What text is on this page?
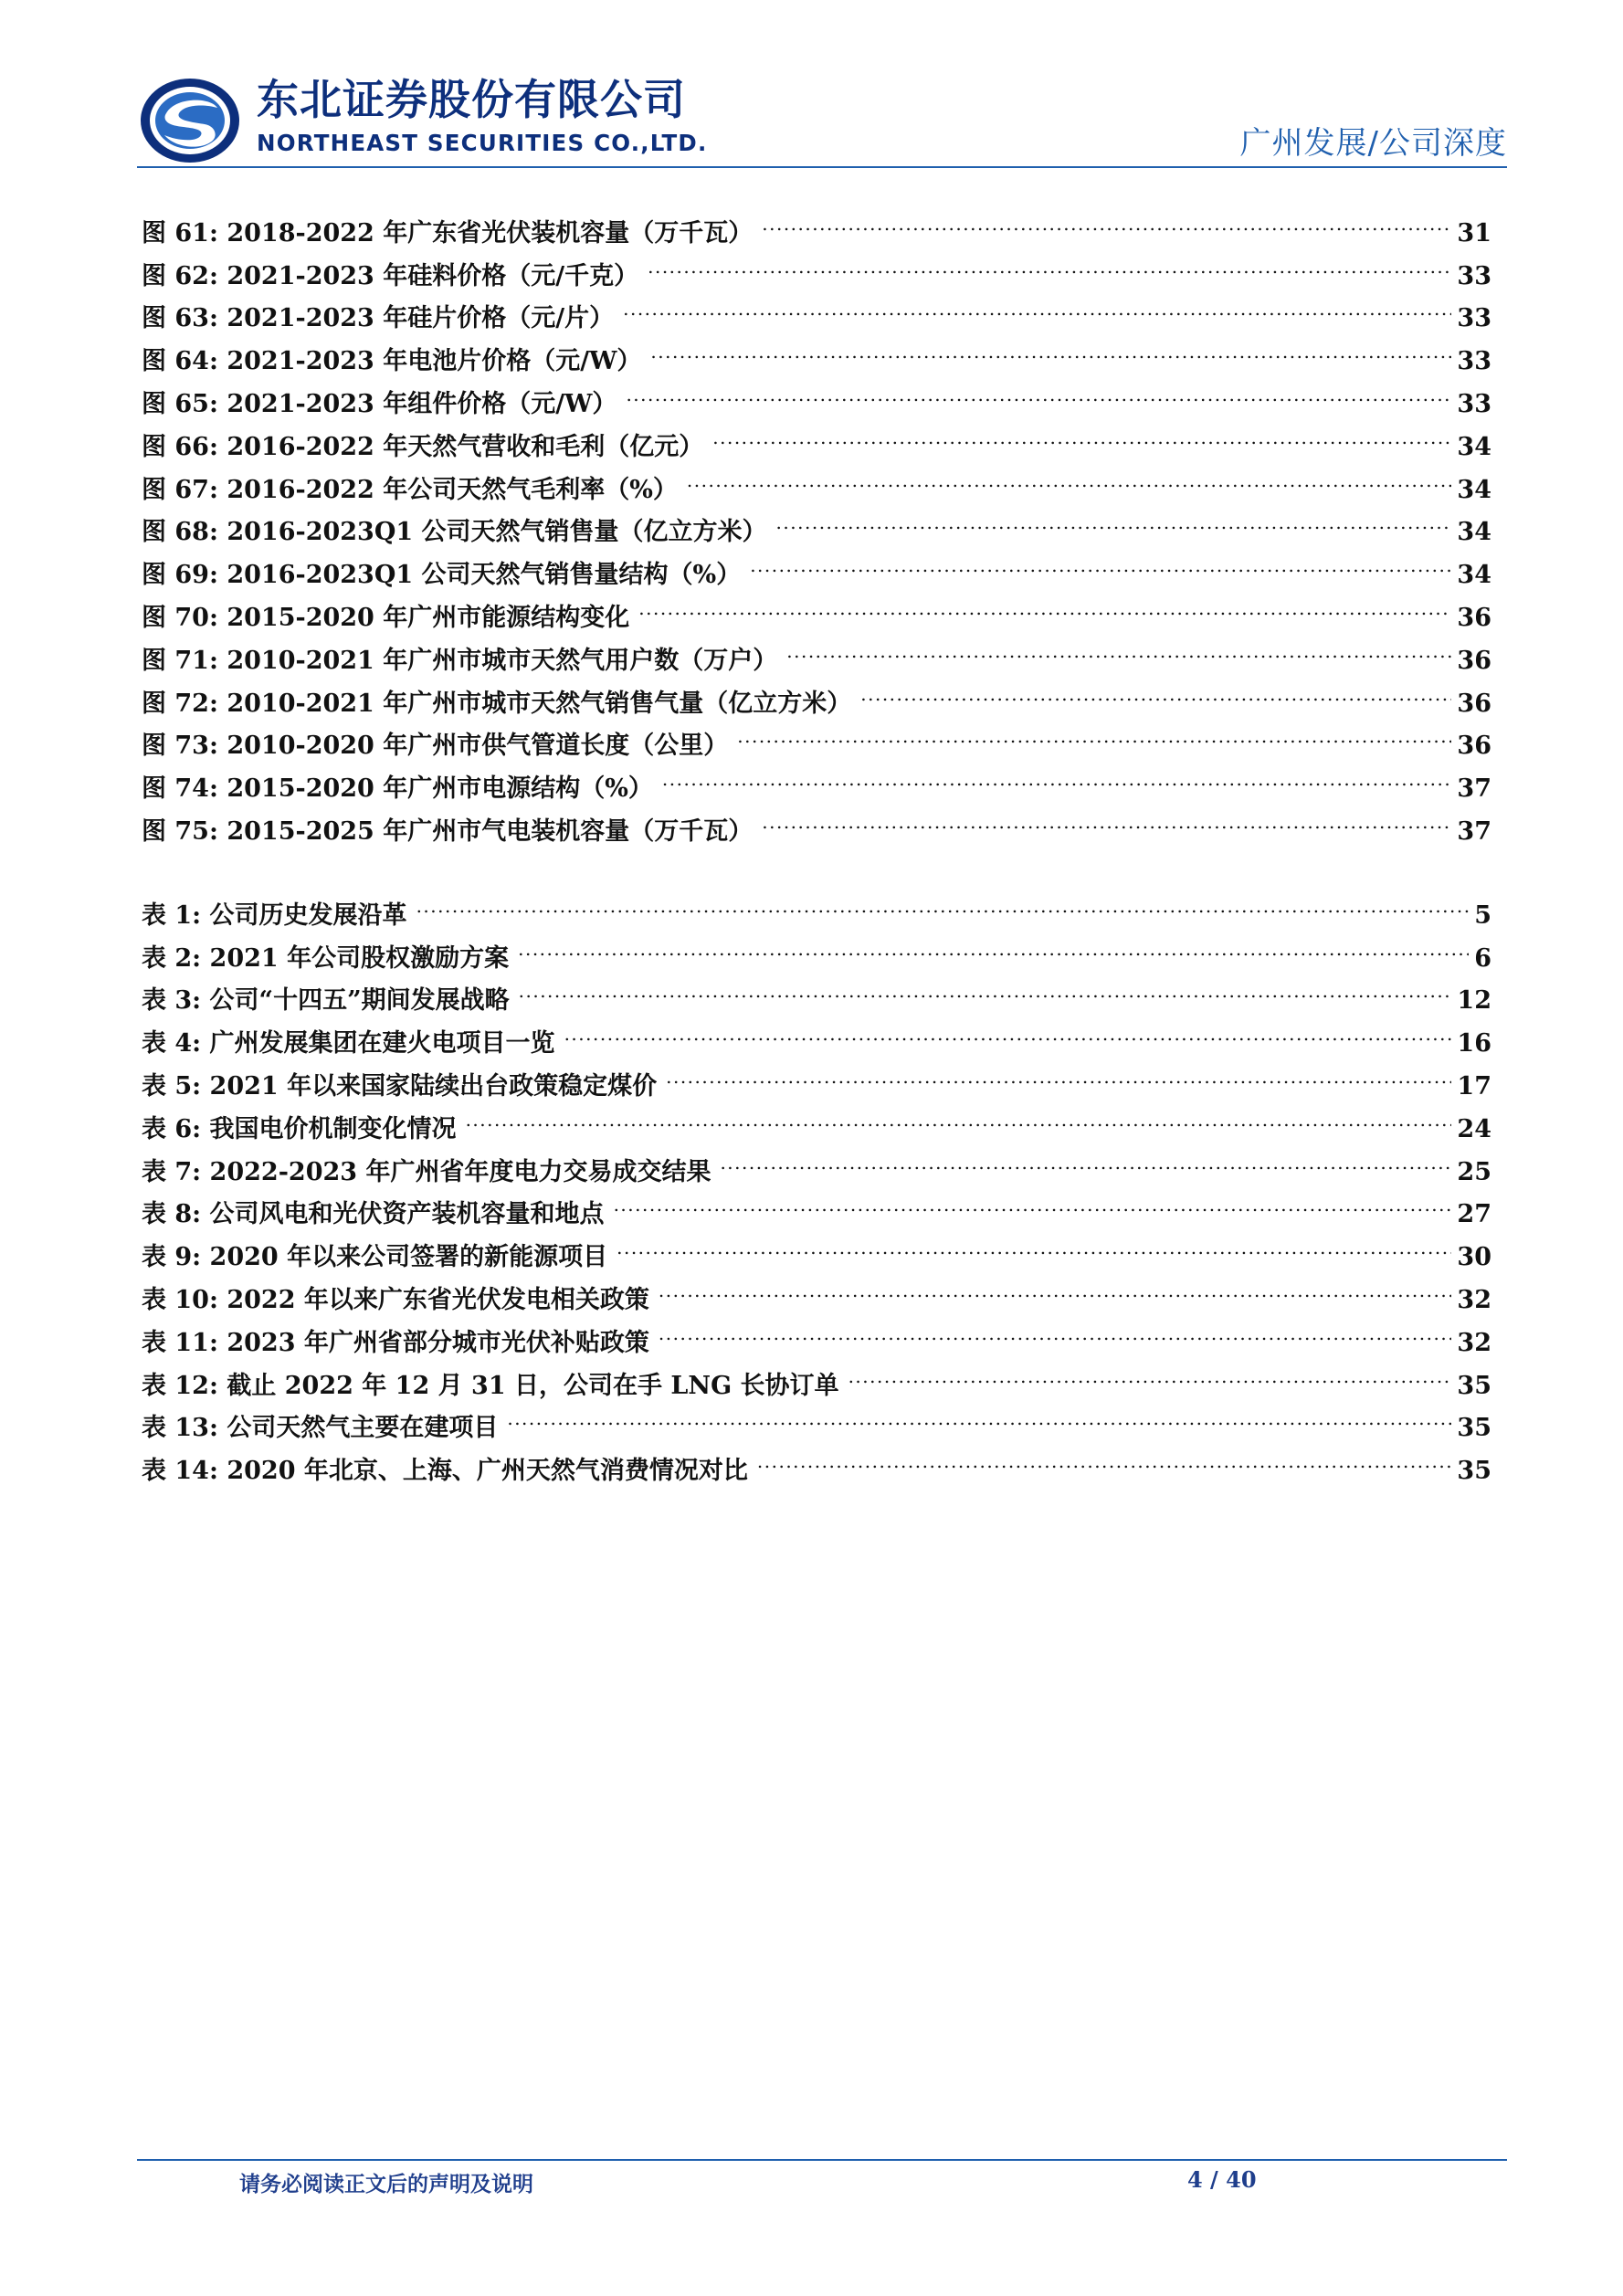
东北证券股份有限公司
NORTHEAST SECURITIES CO.,LTD.	广州发展/公司深度
图 61: 2018-2022 年广东省光伏装机容量（万千瓦） .....	31
图 62: 2021-2023 年硅料价格（元/千克） .....	33
图 63: 2021-2023 年硅片价格（元/片） .....	33
图 64: 2021-2023 年电池片价格（元/W） .....	33
图 65: 2021-2023 年组件价格（元/W） .....	33
图 66: 2016-2022 年天然气营收和毛利（亿元） .....	34
图 67: 2016-2022 年公司天然气毛利率（%） .....	34
图 68: 2016-2023Q1 公司天然气销售量（亿立方米） .....	34
图 69: 2016-2023Q1 公司天然气销售量结构（%） .....	34
图 70: 2015-2020 年广州市能源结构变化 .....	36
图 71: 2010-2021 年广州市城市天然气用户数（万户） .....	36
图 72: 2010-2021 年广州市城市天然气销售气量（亿立方米） .....	36
图 73: 2010-2020 年广州市供气管道长度（公里） .....	36
图 74: 2015-2020 年广州市电源结构（%） .....	37
图 75: 2015-2025 年广州市气电装机容量（万千瓦） .....	37
表 1: 公司历史发展沿革 .....	5
表 2: 2021 年公司股权激励方案 .....	6
表 3: 公司“十四五”期间发展战略 .....	12
表 4: 广州发展集团在建火电项目一览 .....	16
表 5: 2021 年以来国家陆续出台政策稳定煤价 .....	17
表 6: 我国电价机制变化情况 .....	24
表 7: 2022-2023 年广州省年度电力交易成交结果 .....	25
表 8: 公司风电和光伏资产装机容量和地点 .....	27
表 9: 2020 年以来公司签署的新能源项目 .....	30
表 10: 2022 年以来广东省光伏发电相关政策 .....	32
表 11: 2023 年广州省部分城市光伏补贴政策 .....	32
表 12: 截止 2022 年 12 月 31 日，公司在手 LNG 长协订单 .....	35
表 13: 公司天然气主要在建项目 .....	35
表 14: 2020 年北京、上海、广州天然气消费情况对比 .....	35
请务必阅读正文后的声明及说明	4 / 40
